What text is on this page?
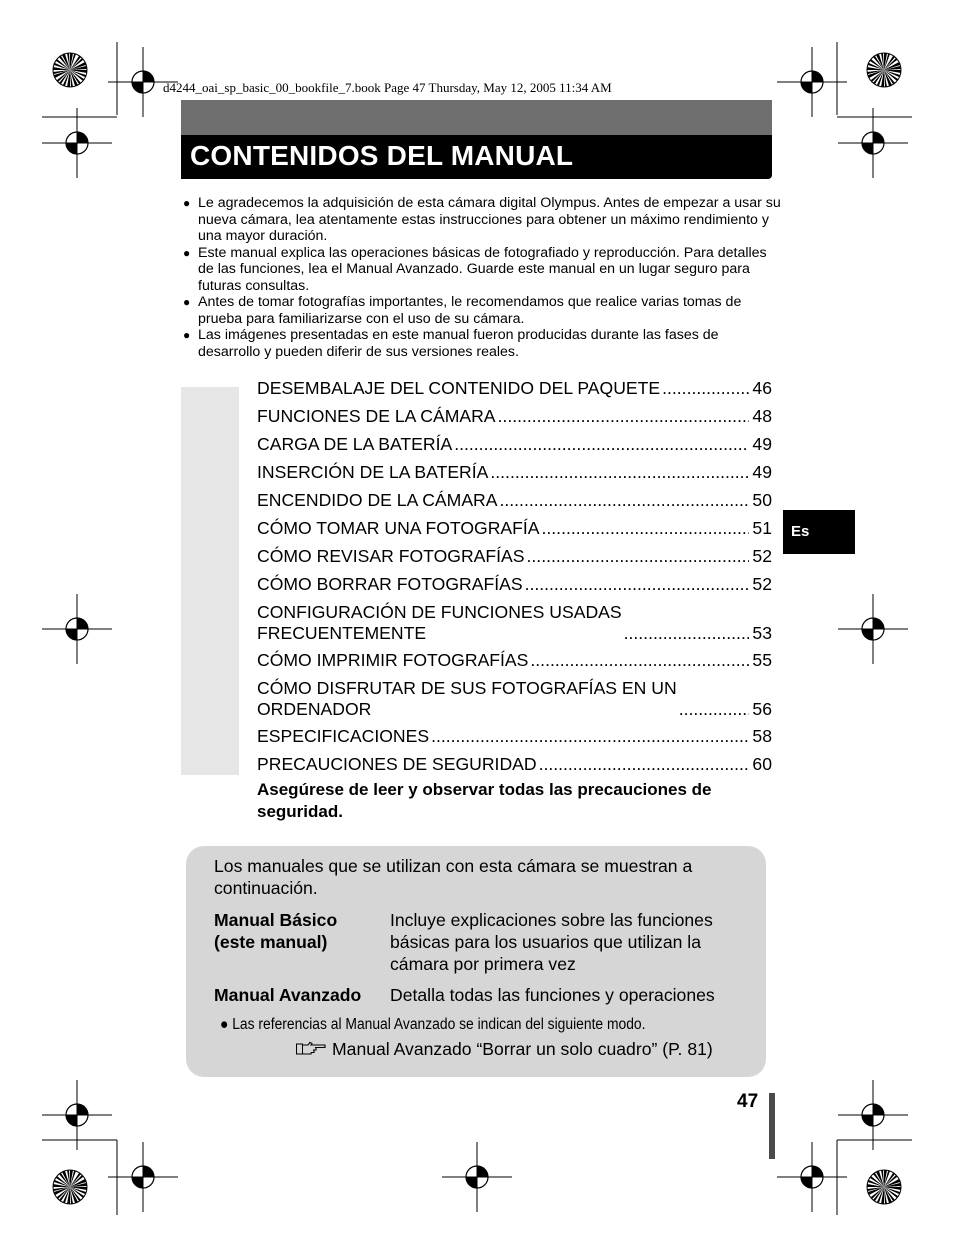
d4244_oai_sp_basic_00_bookfile_7.book Page 47 Thursday, May 12, 2005 11:34 AM
CONTENIDOS DEL MANUAL
● Le agradecemos la adquisición de esta cámara digital Olympus. Antes de empezar a usar su nueva cámara, lea atentamente estas instrucciones para obtener un máximo rendimiento y una mayor duración.
● Este manual explica las operaciones básicas de fotografiado y reproducción. Para detalles de las funciones, lea el Manual Avanzado. Guarde este manual en un lugar seguro para futuras consultas.
● Antes de tomar fotografías importantes, le recomendamos que realice varias tomas de prueba para familiarizarse con el uso de su cámara.
● Las imágenes presentadas en este manual fueron producidas durante las fases de desarrollo y pueden diferir de sus versiones reales.
DESEMBALAJE DEL CONTENIDO DEL PAQUETE .....	46
FUNCIONES DE LA CÁMARA .....	48
CARGA DE LA BATERÍA .....	49
INSERCIÓN DE LA BATERÍA .....	49
ENCENDIDO DE LA CÁMARA .....	50
CÓMO TOMAR UNA FOTOGRAFÍA .....	51
CÓMO REVISAR FOTOGRAFÍAS .....	52
CÓMO BORRAR FOTOGRAFÍAS .....	52
CONFIGURACIÓN DE FUNCIONES USADAS
FRECUENTEMENTE .....	53
CÓMO IMPRIMIR FOTOGRAFÍAS .....	55
CÓMO DISFRUTAR DE SUS FOTOGRAFÍAS EN UN
ORDENADOR .....	56
ESPECIFICACIONES .....	58
PRECAUCIONES DE SEGURIDAD .....	60
Asegúrese de leer y observar todas las precauciones de seguridad.
Los manuales que se utilizan con esta cámara se muestran a continuación.
Manual Básico
(este manual)
Incluye explicaciones sobre las funciones básicas para los usuarios que utilizan la cámara por primera vez
Manual Avanzado Detalla todas las funciones y operaciones
● Las referencias al Manual Avanzado se indican del siguiente modo.
Manual Avanzado “Borrar un solo cuadro” (P. 81)
Es
47
